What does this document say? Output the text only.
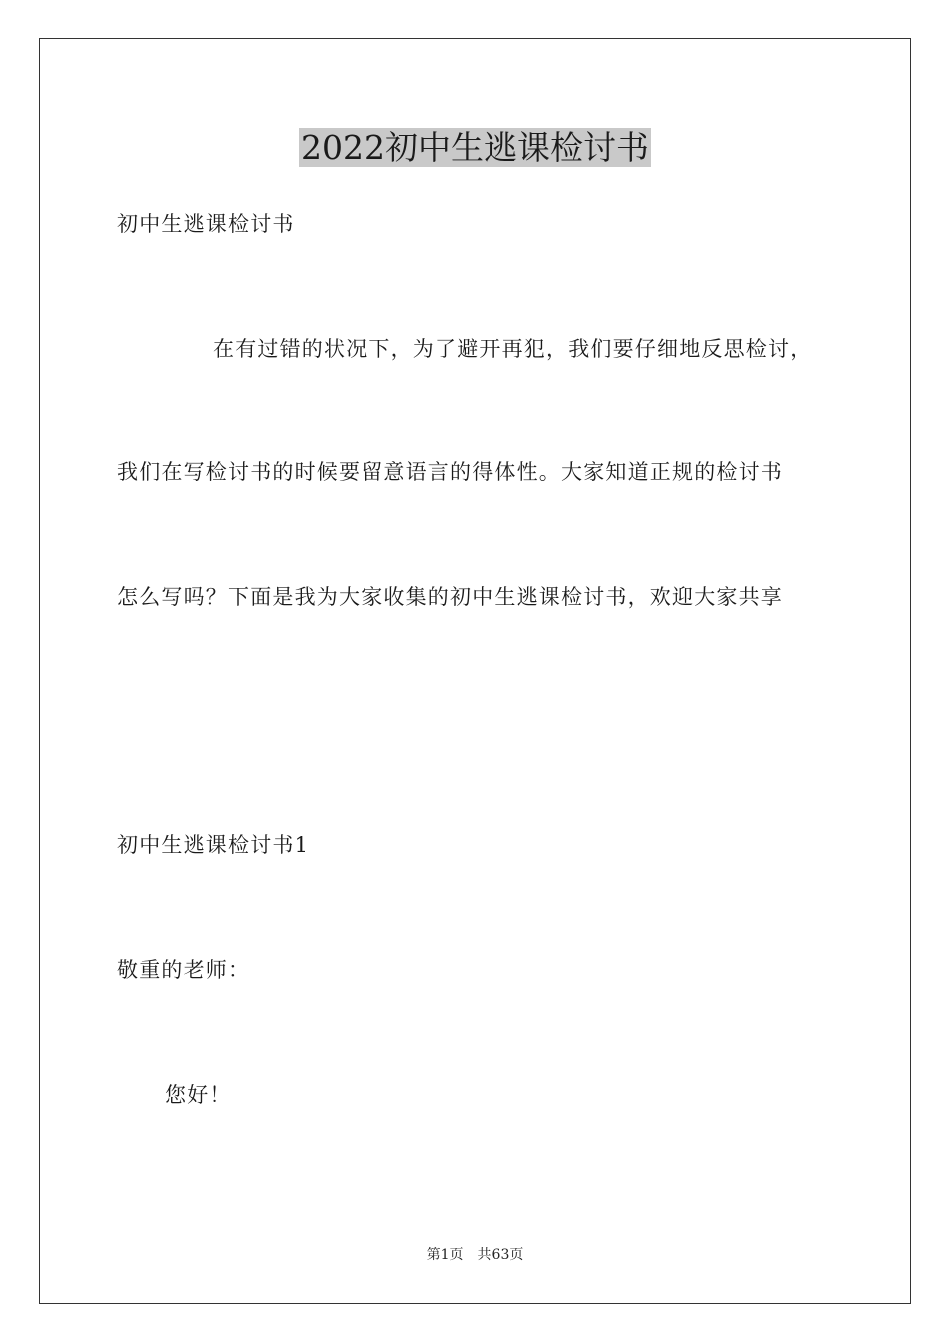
2022初中生逃课检讨书

初中生逃课检讨书

在有过错的状况下，为了避开再犯，我们要仔细地反思检讨，

我们在写检讨书的时候要留意语言的得体性。大家知道正规的检讨书

怎么写吗？下面是我为大家收集的初中生逃课检讨书，欢迎大家共享

初中生逃课检讨书1

敬重的老师：

您好！

第1页 共63页
